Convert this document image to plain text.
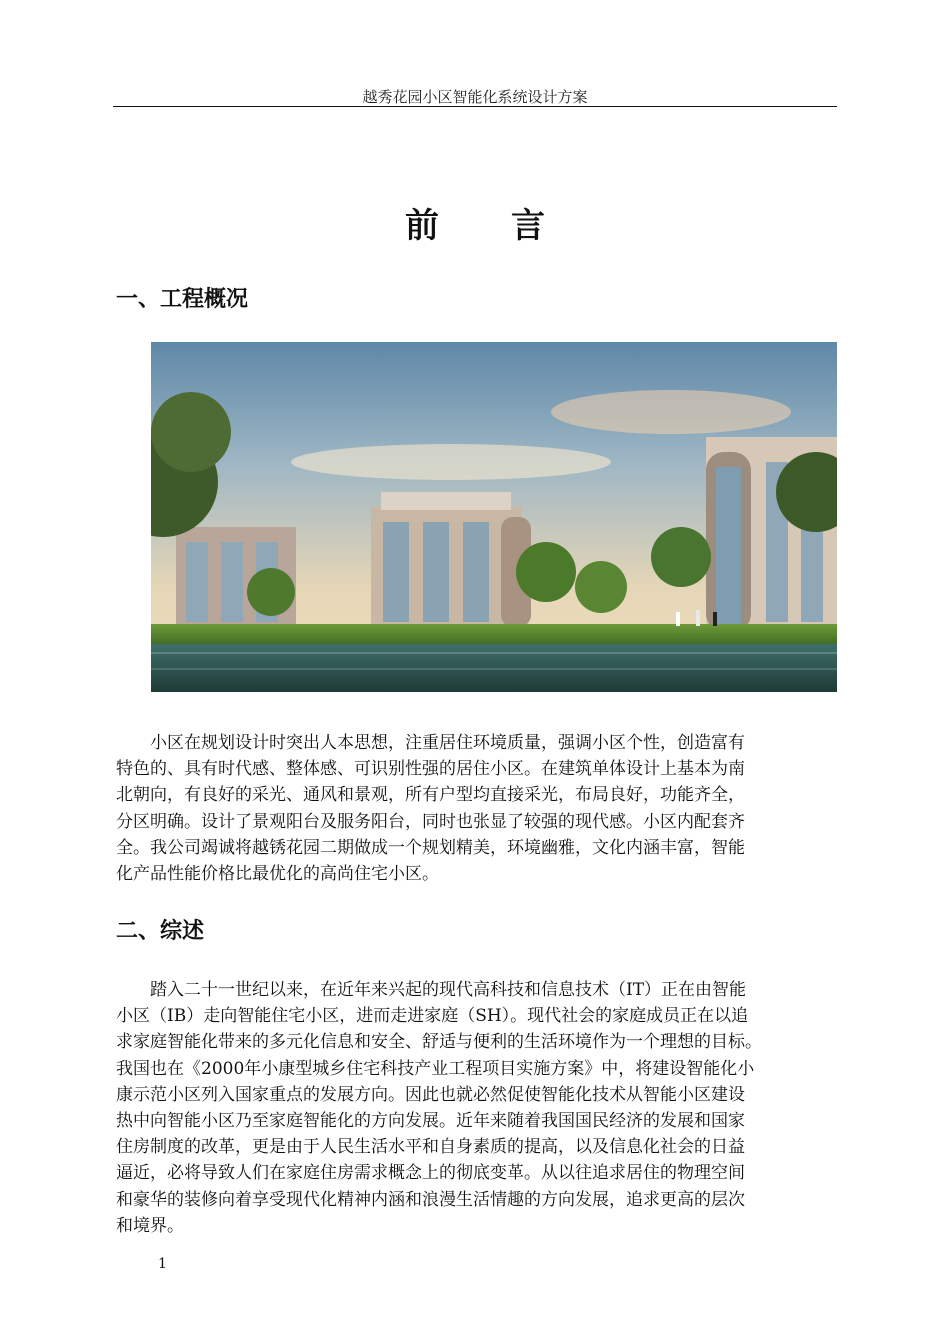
越秀花园小区智能化系统设计方案
前言
一、工程概况
小区在规划设计时突出人本思想，注重居住环境质量，强调小区个性，创造富有
特色的、具有时代感、整体感、可识别性强的居住小区。在建筑单体设计上基本为南
北朝向，有良好的采光、通风和景观，所有户型均直接采光，布局良好，功能齐全，
分区明确。设计了景观阳台及服务阳台，同时也张显了较强的现代感。小区内配套齐
全。我公司竭诚将越锈花园二期做成一个规划精美，环境幽雅，文化内涵丰富，智能
化产品性能价格比最优化的高尚住宅小区。
二、综述
踏入二十一世纪以来，在近年来兴起的现代高科技和信息技术（IT）正在由智能
小区（IB）走向智能住宅小区，进而走进家庭（SH）。现代社会的家庭成员正在以追
求家庭智能化带来的多元化信息和安全、舒适与便利的生活环境作为一个理想的目标。
我国也在《2000年小康型城乡住宅科技产业工程项目实施方案》中，将建设智能化小
康示范小区列入国家重点的发展方向。因此也就必然促使智能化技术从智能小区建设
热中向智能小区乃至家庭智能化的方向发展。近年来随着我国国民经济的发展和国家
住房制度的改革，更是由于人民生活水平和自身素质的提高，以及信息化社会的日益
逼近，必将导致人们在家庭住房需求概念上的彻底变革。从以往追求居住的物理空间
和豪华的装修向着享受现代化精神内涵和浪漫生活情趣的方向发展，追求更高的层次
和境界。
1
